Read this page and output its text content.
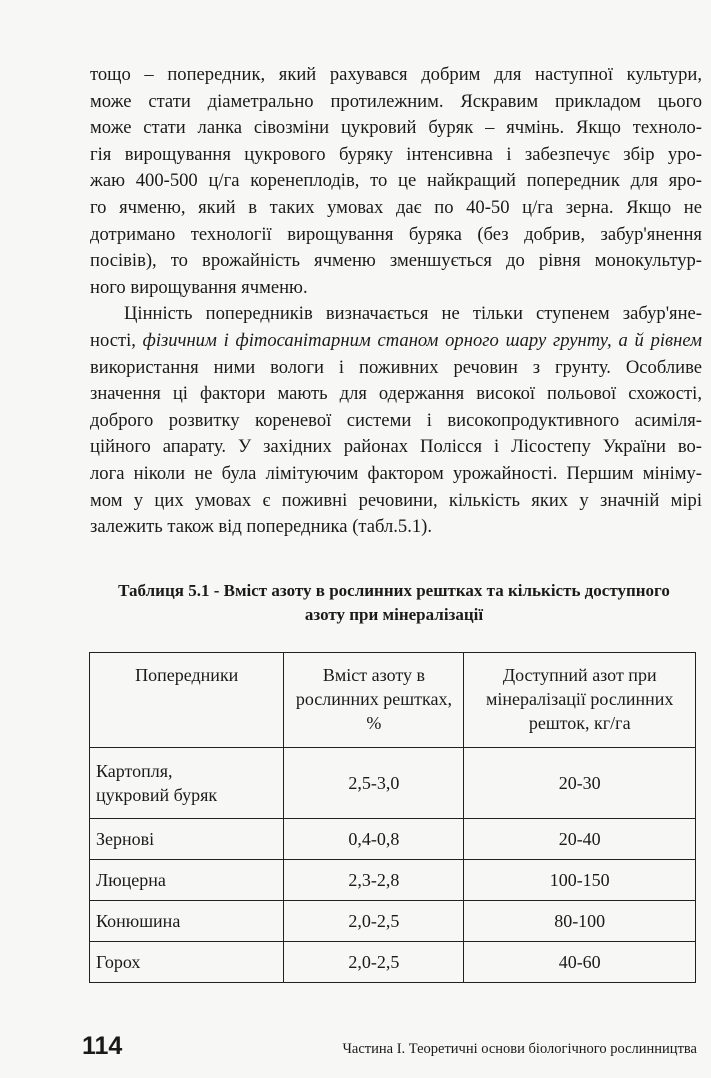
тощо – попередник, який рахувався добрим для наступної культури,
може стати діаметрально протилежним. Яскравим прикладом цього
може стати ланка сівозміни цукровий буряк – ячмінь. Якщо техноло-
гія вирощування цукрового буряку інтенсивна і забезпечує збір уро-
жаю 400-500 ц/га коренеплодів, то це найкращий попередник для яро-
го ячменю, який в таких умовах дає по 40-50 ц/га зерна. Якщо не
дотримано технології вирощування буряка (без добрив, забур'янення
посівів), то врожайність ячменю зменшується до рівня монокультур-
ного вирощування ячменю.

Цінність попередників визначається не тільки ступенем забур'яне-
ності, фізичним і фітосанітарним станом орного шару грунту, а й рівнем
використання ними вологи і поживних речовин з грунту. Особливе
значення ці фактори мають для одержання високої польової схожості,
доброго розвитку кореневої системи і високопродуктивного асиміля-
ційного апарату. У західних районах Полісся і Лісостепу України во-
лога ніколи не була лімітуючим фактором урожайності. Першим мініму-
мом у цих умовах є поживні речовини, кількість яких у значній мірі
залежить також від попередника (табл.5.1).

Таблиця 5.1 - Вміст азоту в рослинних рештках та кількість доступного
азоту при мінералізації
Попередники	Вміст азоту в рослинних рештках, %	Доступний азот при мінералізації рослинних решток, кг/га

Картопля,
цукровий буряк	2,5-3,0	20-30
Зернові	0,4-0,8	20-40
Люцерна	2,3-2,8	100-150
Конюшина	2,0-2,5	80-100
Горох	2,0-2,5	40-60
114	Частина I. Теоретичні основи біологічного рослинництва
